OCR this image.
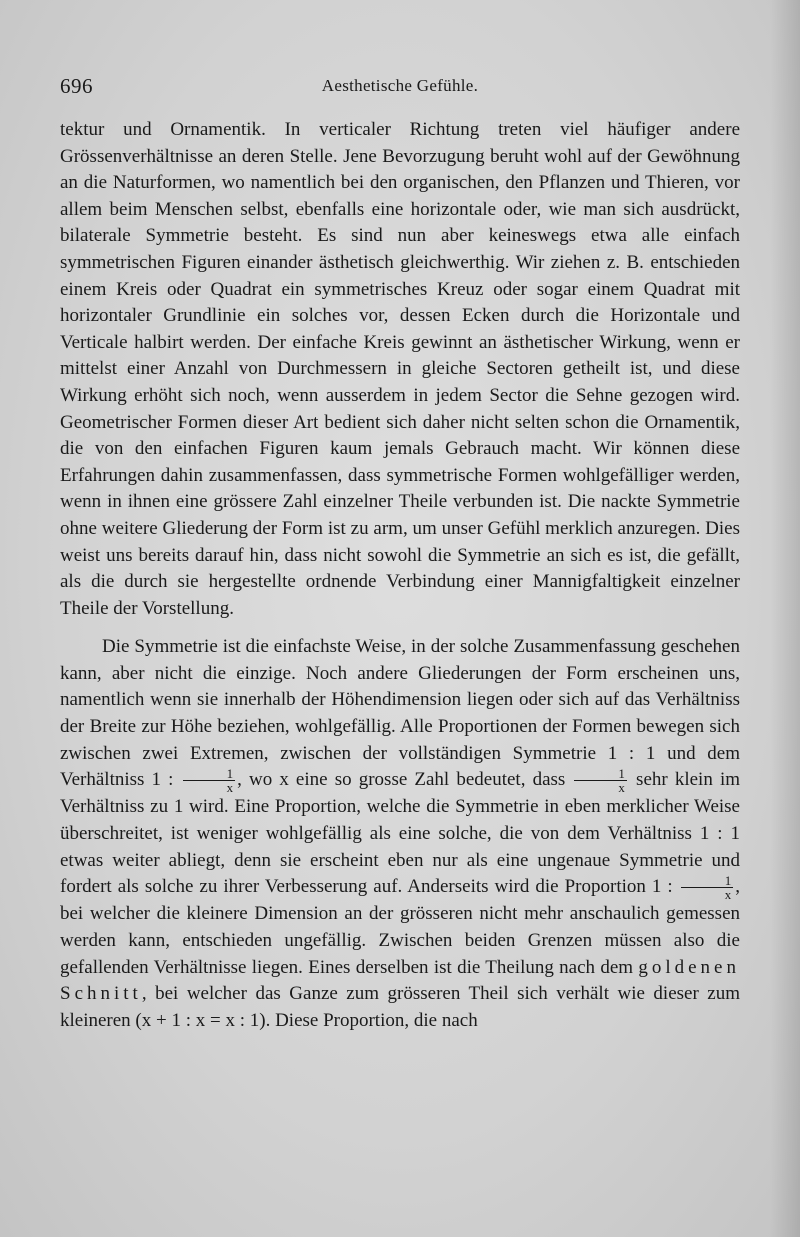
696	Aesthetische Gefühle.

tektur und Ornamentik. In verticaler Richtung treten viel häufiger andere Grössenverhältnisse an deren Stelle. Jene Bevorzugung beruht wohl auf der Gewöhnung an die Naturformen, wo namentlich bei den organischen, den Pflanzen und Thieren, vor allem beim Menschen selbst, ebenfalls eine horizontale oder, wie man sich ausdrückt, bilaterale Symmetrie besteht. Es sind nun aber keineswegs etwa alle einfach symmetrischen Figuren einander ästhetisch gleichwerthig. Wir ziehen z. B. entschieden einem Kreis oder Quadrat ein symmetrisches Kreuz oder sogar einem Quadrat mit horizontaler Grundlinie ein solches vor, dessen Ecken durch die Horizontale und Verticale halbirt werden. Der einfache Kreis gewinnt an ästhetischer Wirkung, wenn er mittelst einer Anzahl von Durchmessern in gleiche Sectoren getheilt ist, und diese Wirkung erhöht sich noch, wenn ausserdem in jedem Sector die Sehne gezogen wird. Geometrischer Formen dieser Art bedient sich daher nicht selten schon die Ornamentik, die von den einfachen Figuren kaum jemals Gebrauch macht. Wir können diese Erfahrungen dahin zusammenfassen, dass symmetrische Formen wohlgefälliger werden, wenn in ihnen eine grössere Zahl einzelner Theile verbunden ist. Die nackte Symmetrie ohne weitere Gliederung der Form ist zu arm, um unser Gefühl merklich anzuregen. Dies weist uns bereits darauf hin, dass nicht sowohl die Symmetrie an sich es ist, die gefällt, als die durch sie hergestellte ordnende Verbindung einer Mannigfaltigkeit einzelner Theile der Vorstellung.

Die Symmetrie ist die einfachste Weise, in der solche Zusammenfassung geschehen kann, aber nicht die einzige. Noch andere Gliederungen der Form erscheinen uns, namentlich wenn sie innerhalb der Höhendimension liegen oder sich auf das Verhältniss der Breite zur Höhe beziehen, wohlgefällig. Alle Proportionen der Formen bewegen sich zwischen zwei Extremen, zwischen der vollständigen Symmetrie 1 : 1 und dem Verhältniss 1 : $\frac{1}{x}$ , wo x eine so grosse Zahl bedeutet, dass $\frac{1}{x}$ sehr klein im Verhältniss zu 1 wird. Eine Proportion, welche die Symmetrie in eben merklicher Weise überschreitet, ist weniger wohlgefällig als eine solche, die von dem Verhältniss 1 : 1 etwas weiter abliegt, denn sie erscheint eben nur als eine ungenaue Symmetrie und fordert als solche zu ihrer Verbesserung auf. Anderseits wird die Proportion 1 : $\frac{1}{x}$ , bei welcher die kleinere Dimension an der grösseren nicht mehr anschaulich gemessen werden kann, entschieden ungefällig. Zwischen beiden Grenzen müssen also die gefallenden Verhältnisse liegen. Eines derselben ist die Theilung nach dem goldenen Schnitt, bei welcher das Ganze zum grösseren Theil sich verhält wie dieser zum kleineren (x + 1 : x = x : 1). Diese Proportion, die nach
